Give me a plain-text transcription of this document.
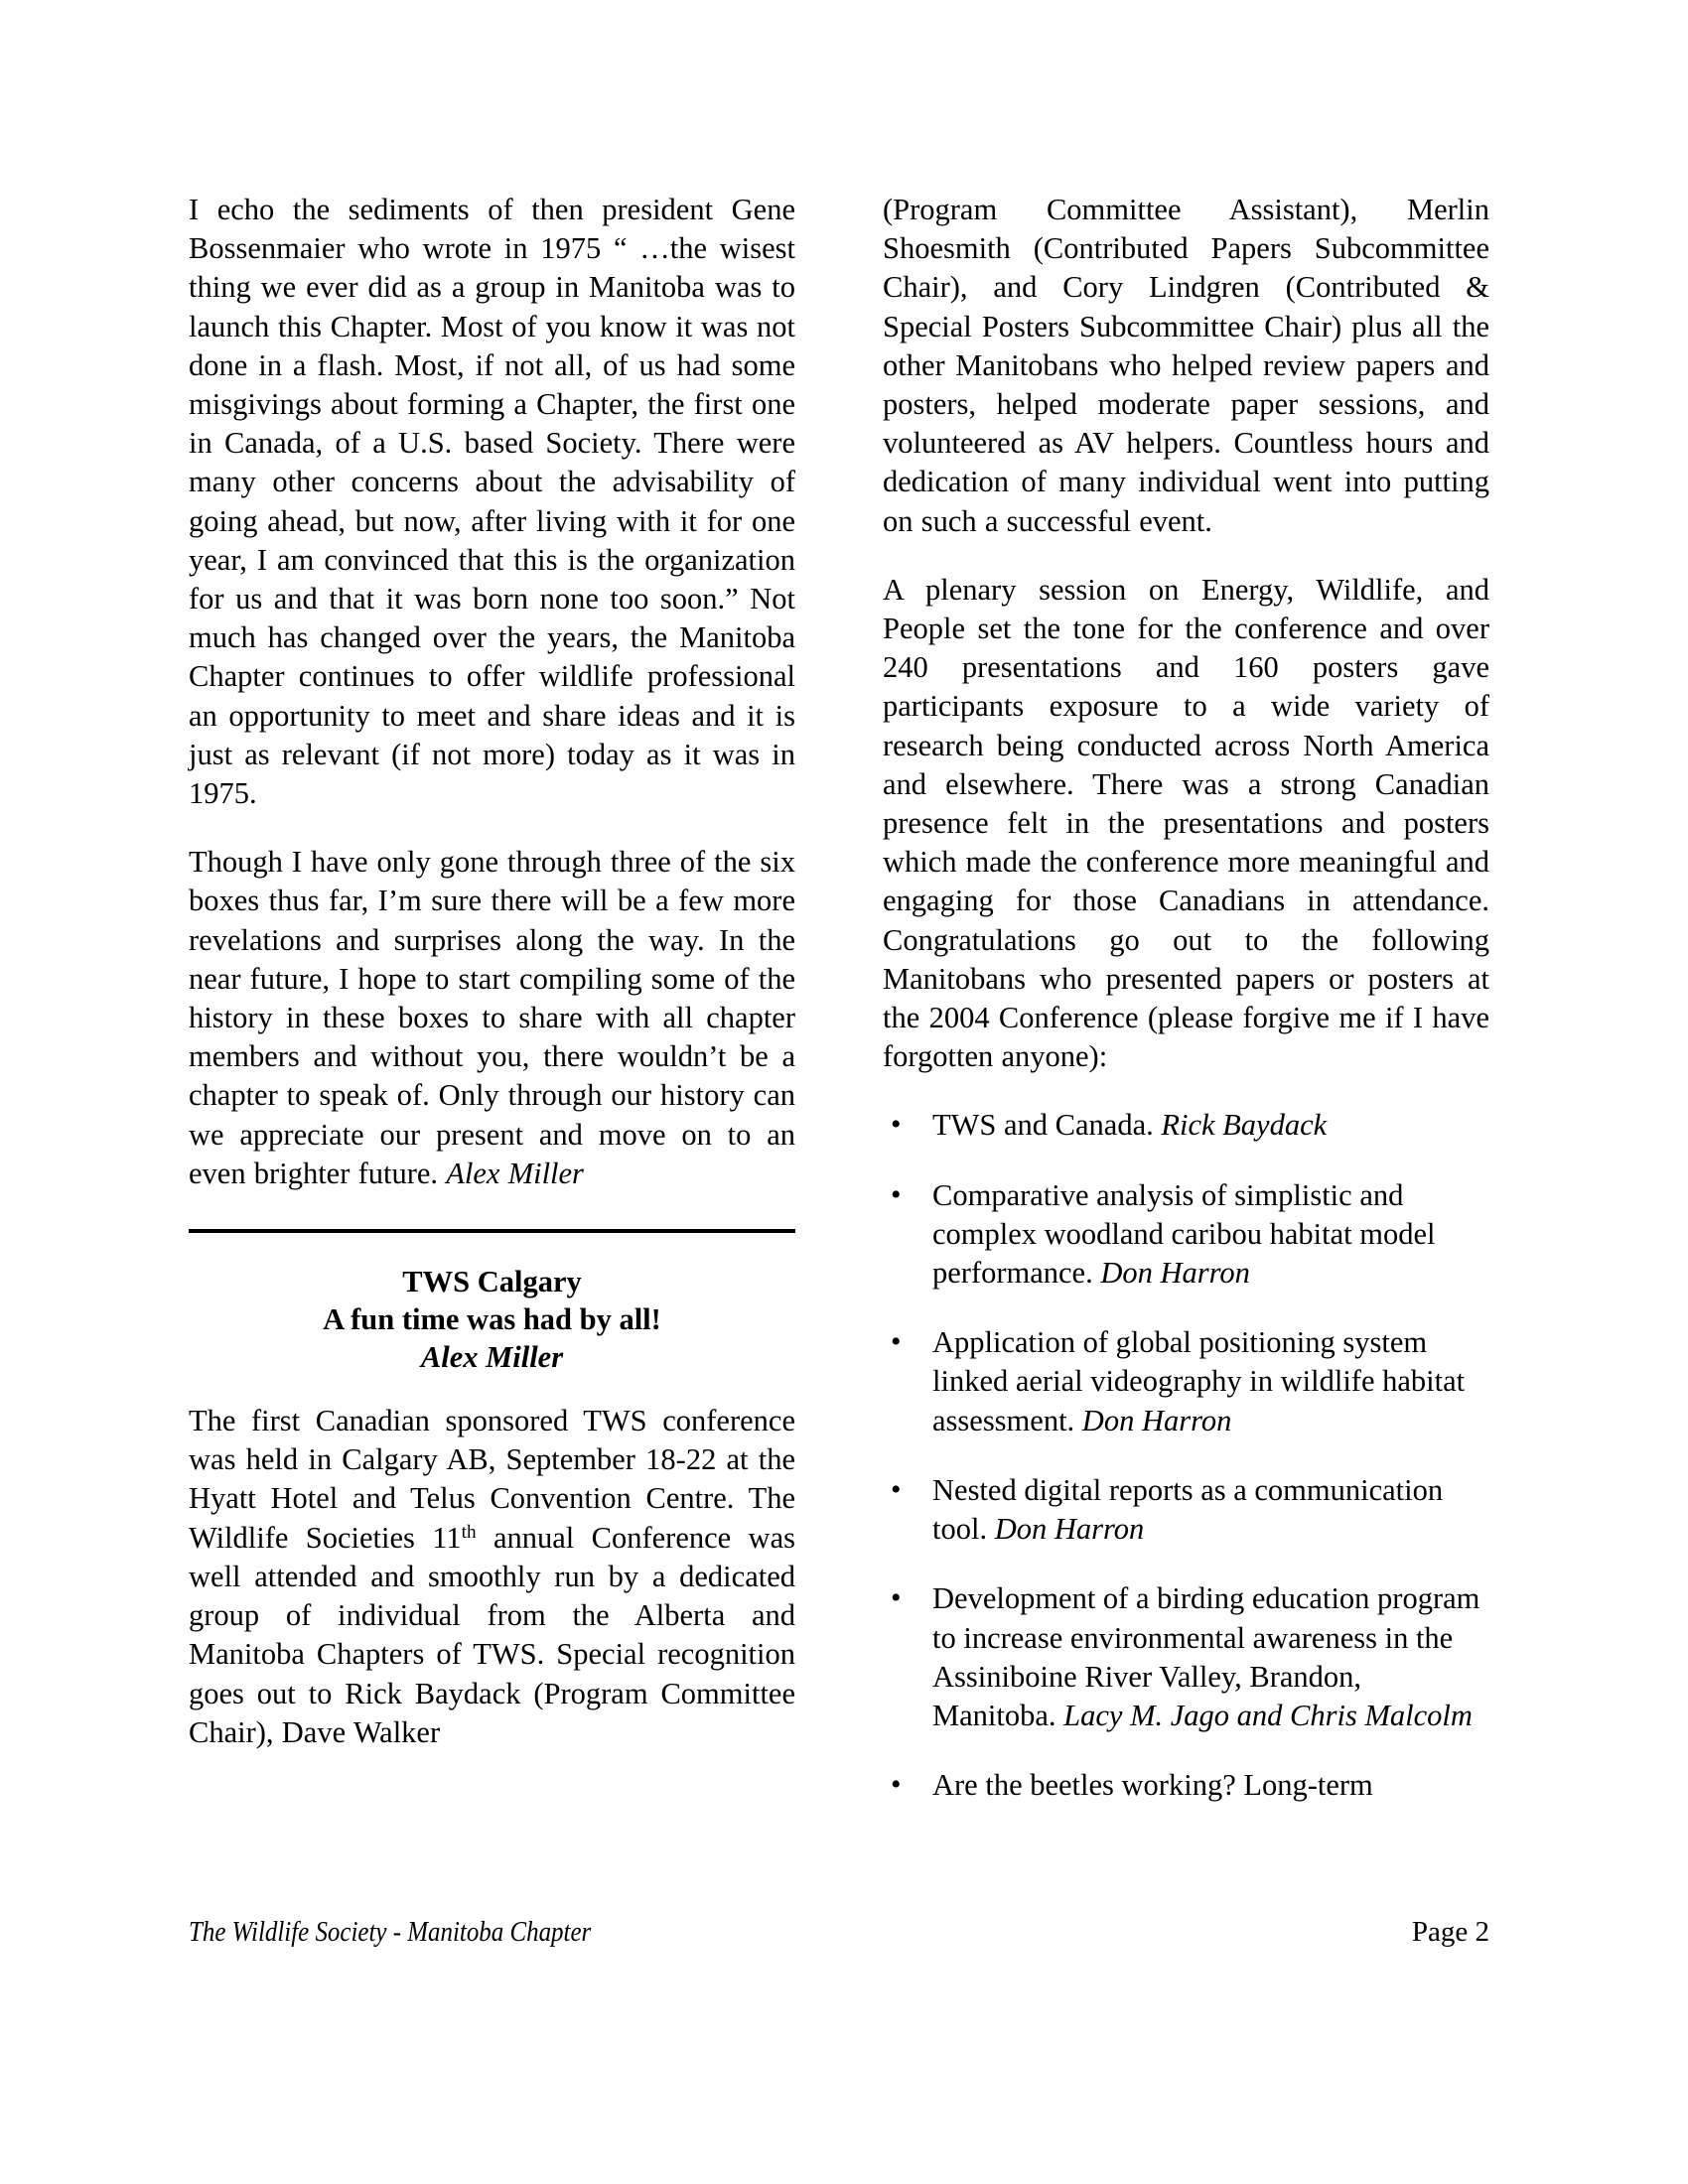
I echo the sediments of then president Gene Bossenmaier who wrote in 1975 “ …the wisest thing we ever did as a group in Manitoba was to launch this Chapter. Most of you know it was not done in a flash. Most, if not all, of us had some misgivings about forming a Chapter, the first one in Canada, of a U.S. based Society. There were many other concerns about the advisability of going ahead, but now, after living with it for one year, I am convinced that this is the organization for us and that it was born none too soon.” Not much has changed over the years, the Manitoba Chapter continues to offer wildlife professional an opportunity to meet and share ideas and it is just as relevant (if not more) today as it was in 1975.

Though I have only gone through three of the six boxes thus far, I’m sure there will be a few more revelations and surprises along the way. In the near future, I hope to start compiling some of the history in these boxes to share with all chapter members and without you, there wouldn’t be a chapter to speak of. Only through our history can we appreciate our present and move on to an even brighter future. Alex Miller

TWS Calgary
A fun time was had by all!
Alex Miller

The first Canadian sponsored TWS conference was held in Calgary AB, September 18-22 at the Hyatt Hotel and Telus Convention Centre. The Wildlife Societies 11th annual Conference was well attended and smoothly run by a dedicated group of individual from the Alberta and Manitoba Chapters of TWS. Special recognition goes out to Rick Baydack (Program Committee Chair), Dave Walker

(Program Committee Assistant), Merlin Shoesmith (Contributed Papers Subcommittee Chair), and Cory Lindgren (Contributed & Special Posters Subcommittee Chair) plus all the other Manitobans who helped review papers and posters, helped moderate paper sessions, and volunteered as AV helpers. Countless hours and dedication of many individual went into putting on such a successful event.

A plenary session on Energy, Wildlife, and People set the tone for the conference and over 240 presentations and 160 posters gave participants exposure to a wide variety of research being conducted across North America and elsewhere. There was a strong Canadian presence felt in the presentations and posters which made the conference more meaningful and engaging for those Canadians in attendance. Congratulations go out to the following Manitobans who presented papers or posters at the 2004 Conference (please forgive me if I have forgotten anyone):

• TWS and Canada. Rick Baydack
• Comparative analysis of simplistic and complex woodland caribou habitat model performance. Don Harron
• Application of global positioning system linked aerial videography in wildlife habitat assessment. Don Harron
• Nested digital reports as a communication tool. Don Harron
• Development of a birding education program to increase environmental awareness in the Assiniboine River Valley, Brandon, Manitoba. Lacy M. Jago and Chris Malcolm
• Are the beetles working? Long-term
The Wildlife Society - Manitoba Chapter	Page 2
